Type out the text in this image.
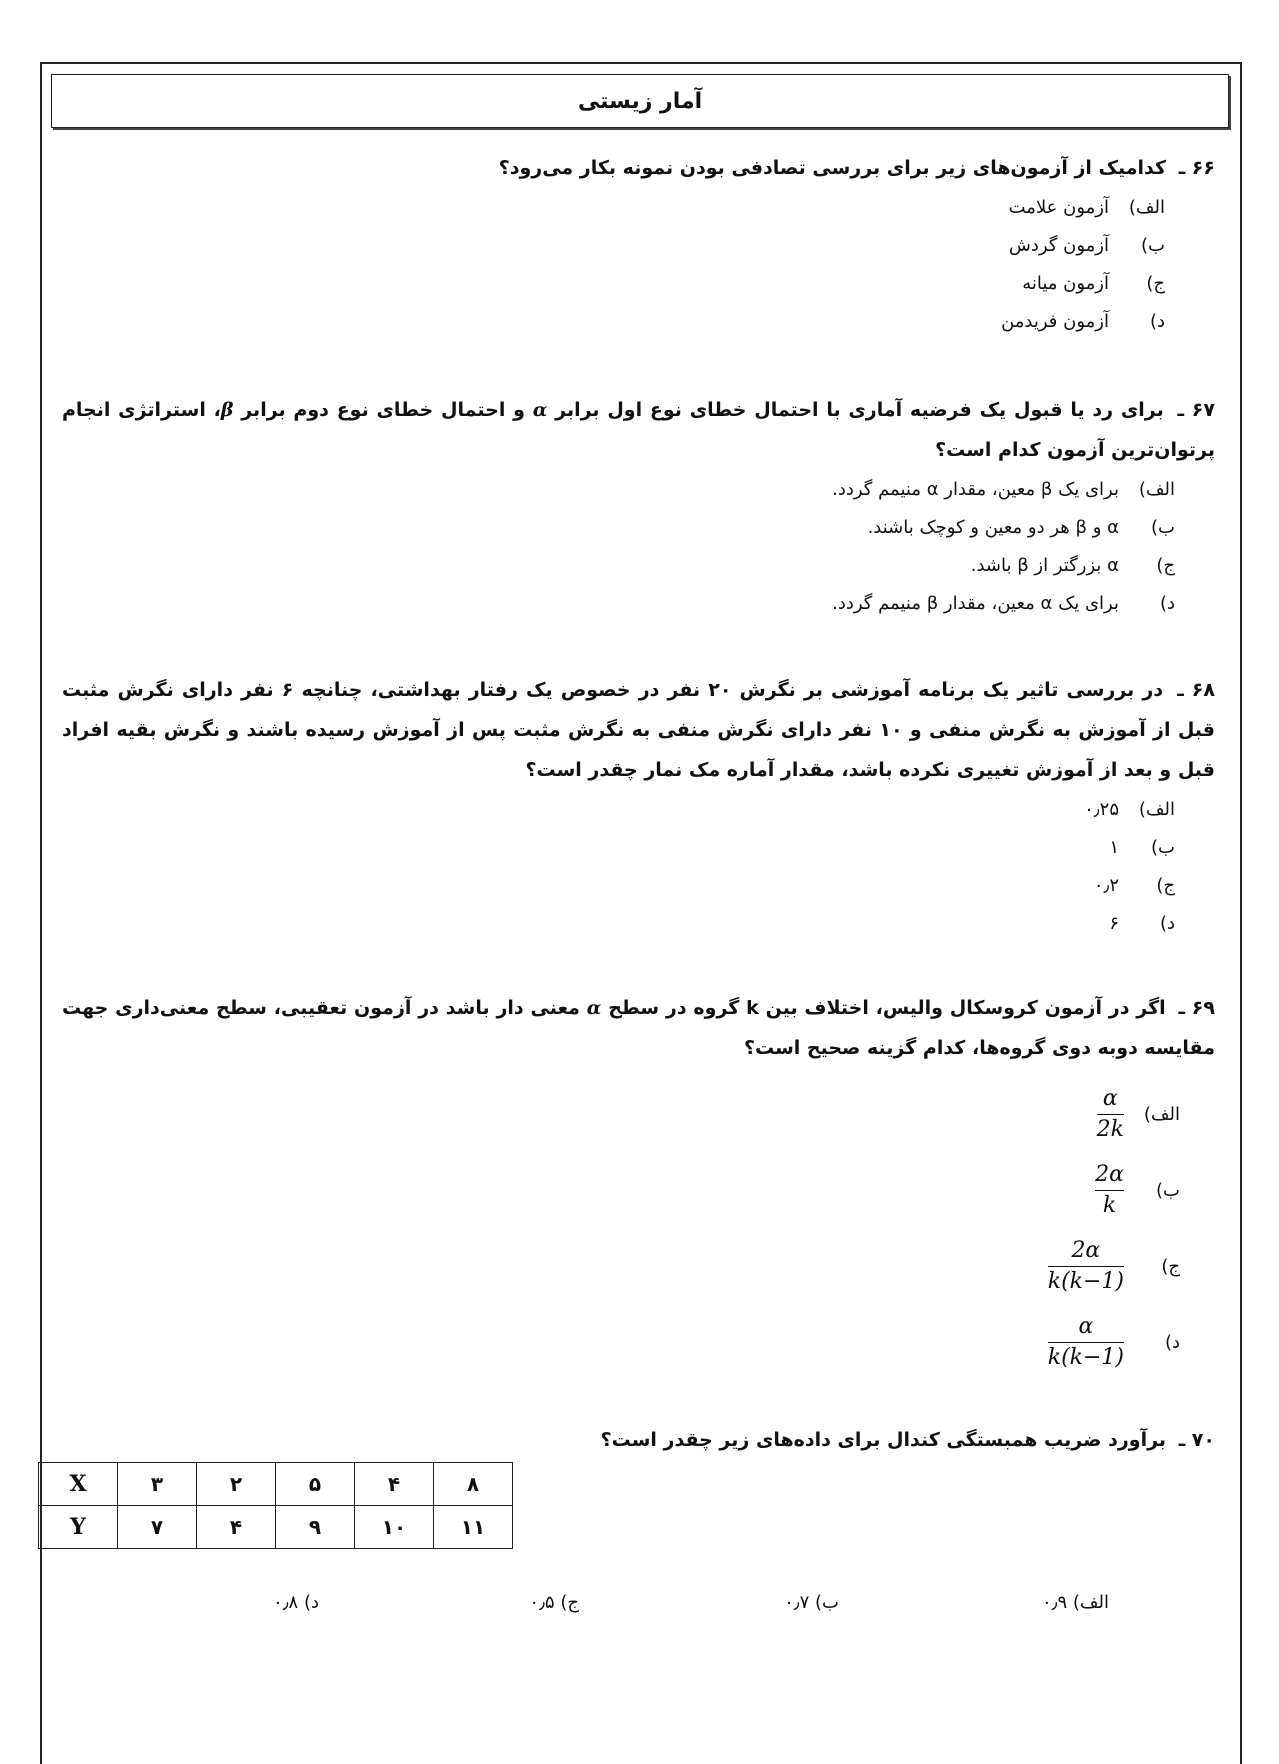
آمار زیستی
۶۶ ـ کدامیک از آزمون‌های زیر برای بررسی تصادفی بودن نمونه بکار می‌رود؟
الف)
آزمون علامت
ب)
آزمون گردش
ج)
آزمون میانه
د)
آزمون فریدمن
۶۷ ـ برای رد یا قبول یک فرضیه آماری با احتمال خطای نوع اول برابر α و احتمال خطای نوع دوم برابر β، استراتژی انجام پرتوان‌ترین آزمون کدام است؟
الف)
برای یک β معین، مقدار α منیمم گردد.
ب)
α و β هر دو معین و کوچک باشند.
ج)
α بزرگتر از β باشد.
د)
برای یک α معین، مقدار β منیمم گردد.
۶۸ ـ در بررسی تاثیر یک برنامه آموزشی بر نگرش ۲۰ نفر در خصوص یک رفتار بهداشتی، چنانچه ۶ نفر دارای نگرش مثبت قبل از آموزش به نگرش منفی و ۱۰ نفر دارای نگرش منفی به نگرش مثبت پس از آموزش رسیده باشند و نگرش بقیه افراد قبل و بعد از آموزش تغییری نکرده باشد، مقدار آماره مک نمار چقدر است؟
الف)
۰٫۲۵
ب)
۱
ج)
۰٫۲
د)
۶
۶۹ ـ اگر در آزمون کروسکال والیس، اختلاف بین k گروه در سطح α معنی دار باشد در آزمون تعقیبی، سطح معنی‌داری جهت مقایسه دوبه دوی گروه‌ها، کدام گزینه صحیح است؟
الف)
$\frac{\alpha}{2k}$
ب)
$\frac{2\alpha}{k}$
ج)
$\frac{2\alpha}{k(k-1)}$
د)
$\frac{\alpha}{k(k-1)}$
۷۰ ـ برآورد ضریب همبستگی کندال برای داده‌های زیر چقدر است؟
X	۳	۲	۵	۴	۸
Y	۷	۴	۹	۱۰	۱۱
الف) ۰٫۹
ب) ۰٫۷
ج) ۰٫۵
د) ۰٫۸
